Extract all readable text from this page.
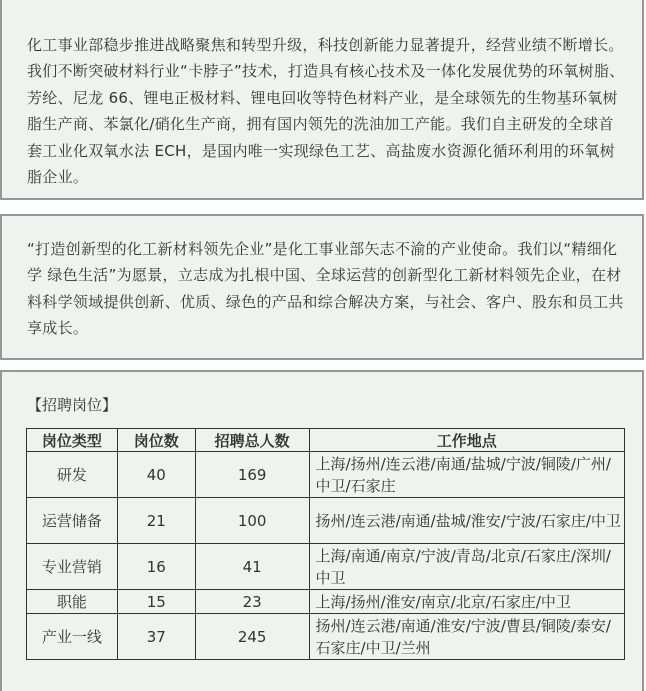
化工事业部稳步推进战略聚焦和转型升级，科技创新能力显著提升，经营业绩不断增长。我们不断突破材料行业“卡脖子”技术，打造具有核心技术及一体化发展优势的环氧树脂、芳纶、尼龙 66、锂电正极材料、锂电回收等特色材料产业，是全球领先的生物基环氧树脂生产商、苯氯化/硝化生产商，拥有国内领先的洗油加工产能。我们自主研发的全球首套工业化双氧水法 ECH，是国内唯一实现绿色工艺、高盐废水资源化循环利用的环氧树脂企业。

“打造创新型的化工新材料领先企业”是化工事业部矢志不渝的产业使命。我们以“精细化学 绿色生活”为愿景，立志成为扎根中国、全球运营的创新型化工新材料领先企业，在材料科学领域提供创新、优质、绿色的产品和综合解决方案，与社会、客户、股东和员工共享成长。

【招聘岗位】
岗位类型	岗位数	招聘总人数	工作地点
研发	40	169	上海/扬州/连云港/南通/盐城/宁波/铜陵/广州/中卫/石家庄
运营储备	21	100	扬州/连云港/南通/盐城/淮安/宁波/石家庄/中卫
专业营销	16	41	上海/南通/南京/宁波/青岛/北京/石家庄/深圳/中卫
职能	15	23	上海/扬州/淮安/南京/北京/石家庄/中卫
产业一线	37	245	扬州/连云港/南通/淮安/宁波/曹县/铜陵/泰安/石家庄/中卫/兰州
